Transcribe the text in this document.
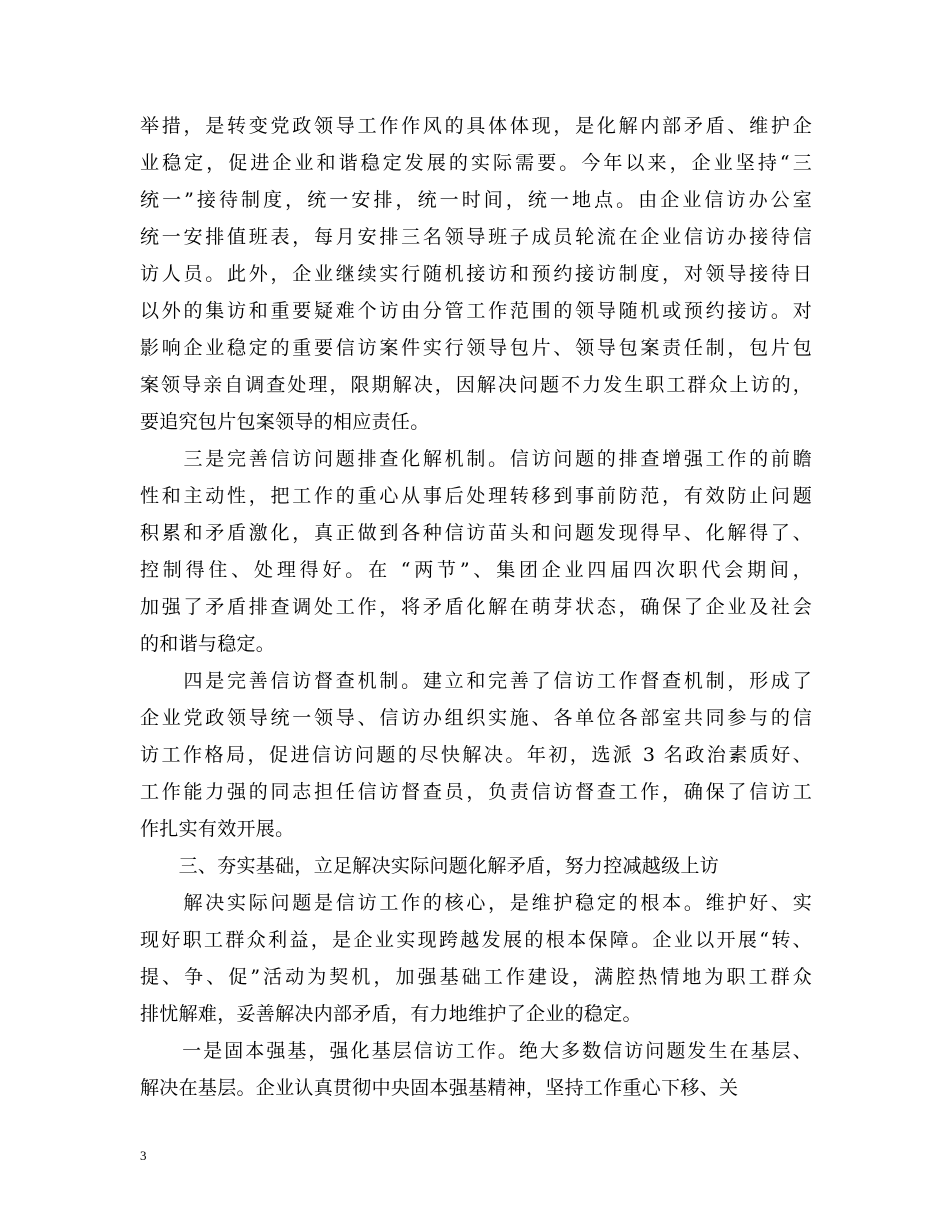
举措，是转变党政领导工作作风的具体体现，是化解内部矛盾、维护企
业稳定，促进企业和谐稳定发展的实际需要。今年以来，企业坚持“三
统一”接待制度，统一安排，统一时间，统一地点。由企业信访办公室
统一安排值班表，每月安排三名领导班子成员轮流在企业信访办接待信
访人员。此外，企业继续实行随机接访和预约接访制度，对领导接待日
以外的集访和重要疑难个访由分管工作范围的领导随机或预约接访。对
影响企业稳定的重要信访案件实行领导包片、领导包案责任制，包片包
案领导亲自调查处理，限期解决，因解决问题不力发生职工群众上访的，
要追究包片包案领导的相应责任。

　　三是完善信访问题排查化解机制。信访问题的排查增强工作的前瞻
性和主动性，把工作的重心从事后处理转移到事前防范，有效防止问题
积累和矛盾激化，真正做到各种信访苗头和问题发现得早、化解得了、
控制得住、处理得好。在 “两节”、集团企业四届四次职代会期间，
加强了矛盾排查调处工作，将矛盾化解在萌芽状态，确保了企业及社会
的和谐与稳定。

　　四是完善信访督查机制。建立和完善了信访工作督查机制，形成了
企业党政领导统一领导、信访办组织实施、各单位各部室共同参与的信
访工作格局，促进信访问题的尽快解决。年初，选派 3 名政治素质好、
工作能力强的同志担任信访督查员，负责信访督查工作，确保了信访工
作扎实有效开展。

　　三、夯实基础，立足解决实际问题化解矛盾，努力控减越级上访

　　解决实际问题是信访工作的核心，是维护稳定的根本。维护好、实
现好职工群众利益，是企业实现跨越发展的根本保障。企业以开展“转、
提、争、促”活动为契机，加强基础工作建设，满腔热情地为职工群众
排忧解难，妥善解决内部矛盾，有力地维护了企业的稳定。

　　一是固本强基，强化基层信访工作。绝大多数信访问题发生在基层、
解决在基层。企业认真贯彻中央固本强基精神，坚持工作重心下移、关

3
